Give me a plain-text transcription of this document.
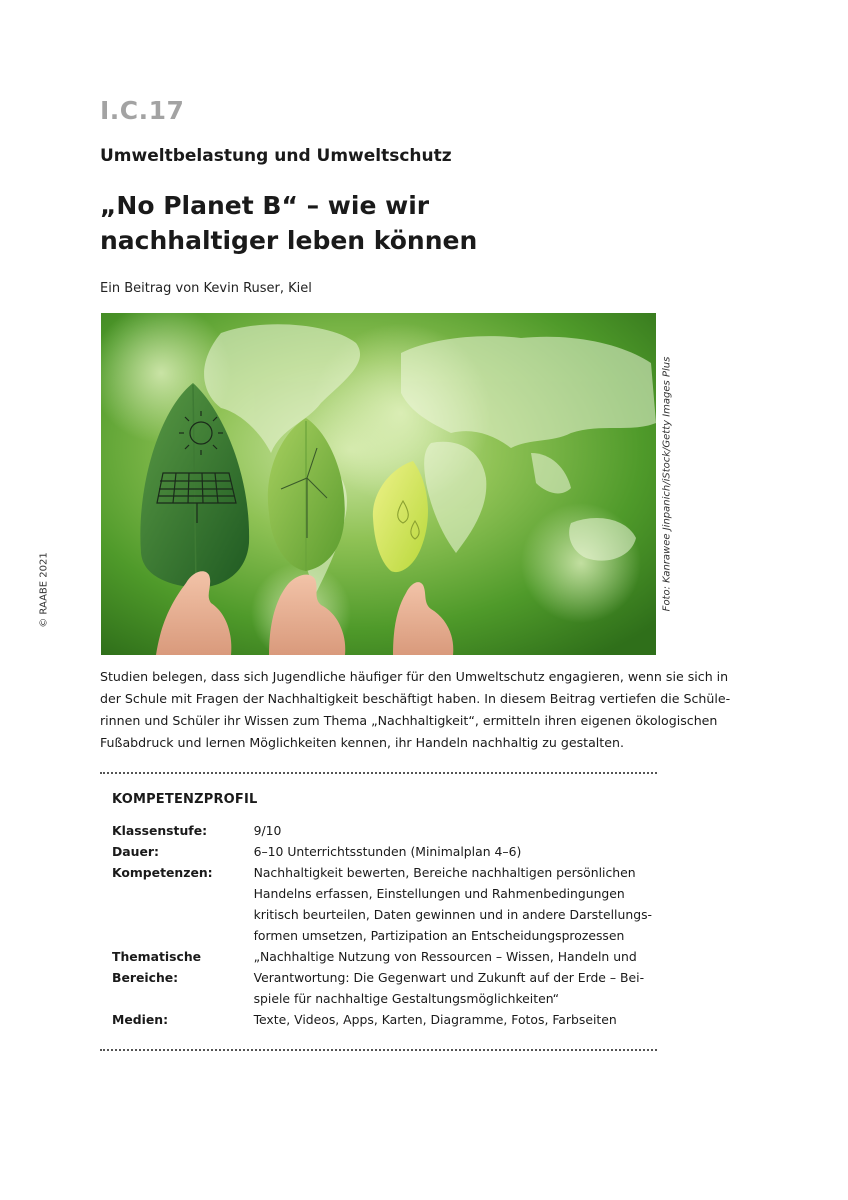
I.C.17
Umweltbelastung und Umweltschutz
„No Planet B“ – wie wir
nachhaltiger leben können
Ein Beitrag von Kevin Ruser, Kiel
Foto: Kanrawee Jinpanich/iStock/Getty Images Plus
© RAABE 2021
Studien belegen, dass sich Jugendliche häufiger für den Umweltschutz engagieren, wenn sie sich in
der Schule mit Fragen der Nachhaltigkeit beschäftigt haben. In diesem Beitrag vertiefen die Schüle-
rinnen und Schüler ihr Wissen zum Thema „Nachhaltigkeit“, ermitteln ihren eigenen ökologischen
Fußabdruck und lernen Möglichkeiten kennen, ihr Handeln nachhaltig zu gestalten.
KOMPETENZPROFIL
Klassenstufe:	9/10

Dauer:	6–10 Unterrichtsstunden (Minimalplan 4–6)

Kompetenzen:	Nachhaltigkeit bewerten, Bereiche nachhaltigen persönlichen
Handelns erfassen, Einstellungen und Rahmenbedingungen
kritisch beurteilen, Daten gewinnen und in andere Darstellungs-
formen umsetzen, Partizipation an Entscheidungsprozessen

Thematische Bereiche:	„Nachhaltige Nutzung von Ressourcen – Wissen, Handeln und
Verantwortung: Die Gegenwart und Zukunft auf der Erde – Bei-
spiele für nachhaltige Gestaltungsmöglichkeiten“

Medien:	Texte, Videos, Apps, Karten, Diagramme, Fotos, Farbseiten
